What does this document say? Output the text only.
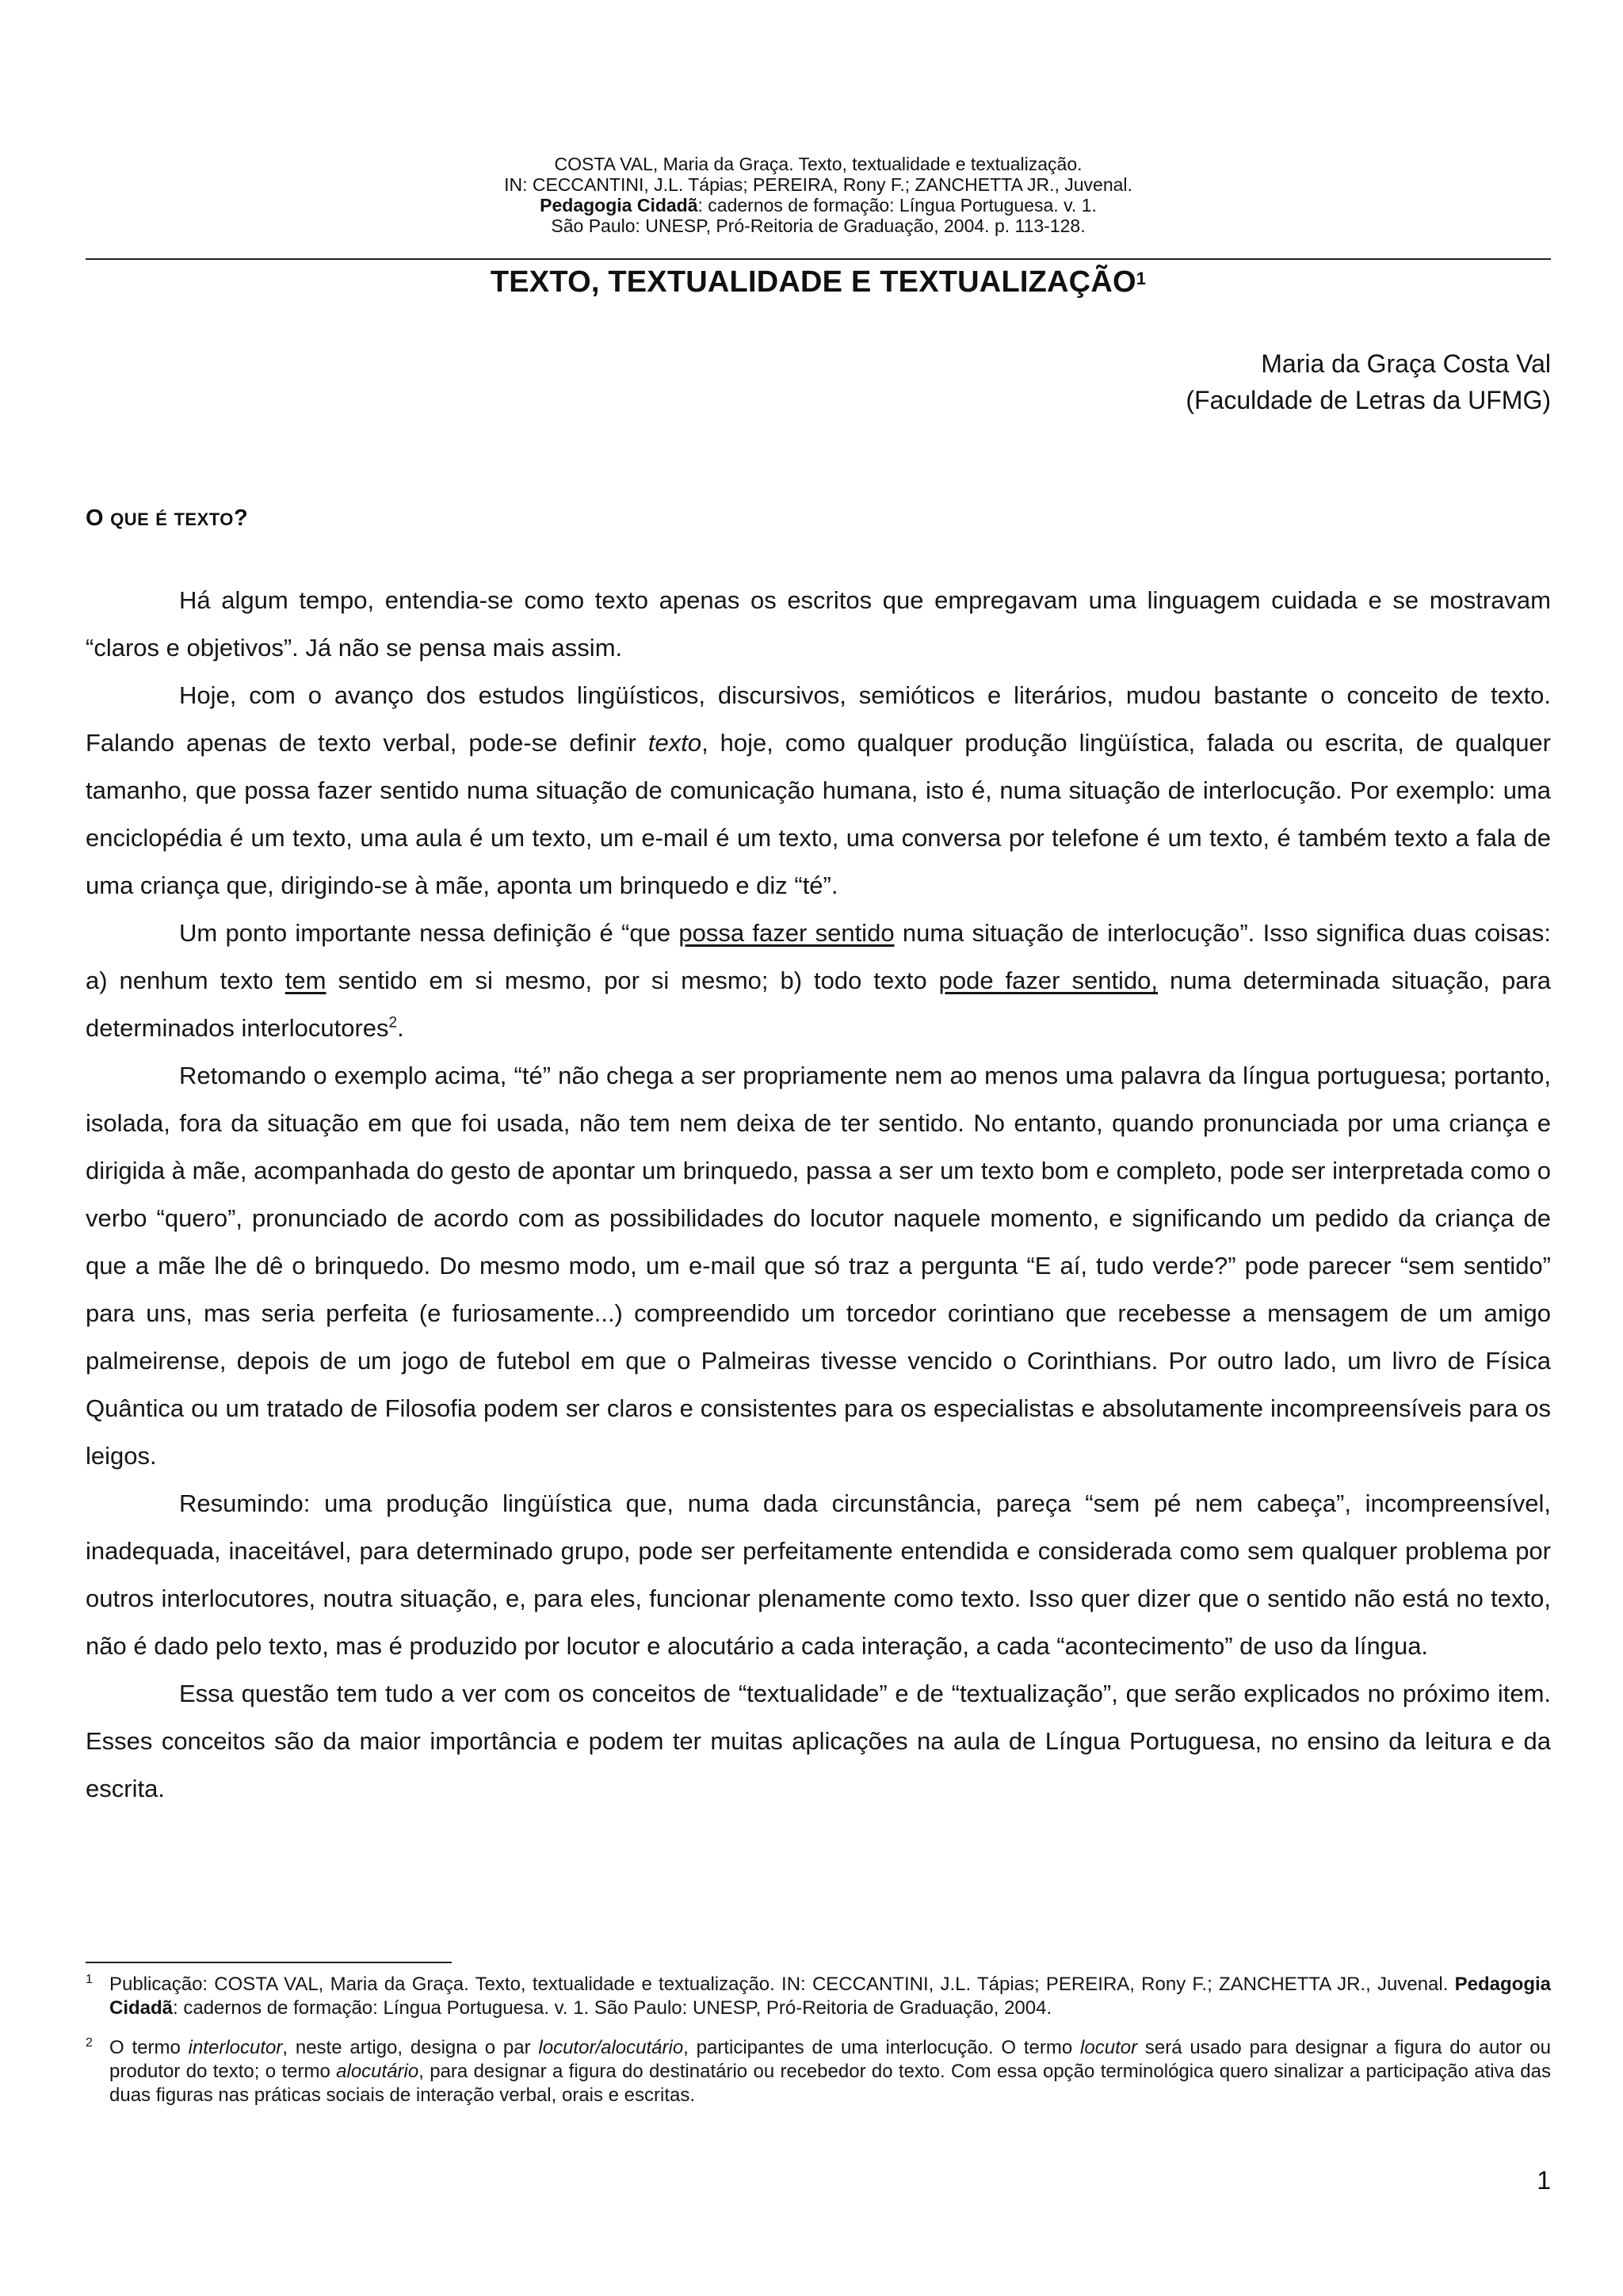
COSTA VAL, Maria da Graça. Texto, textualidade e textualização.
IN: CECCANTINI, J.L. Tápias; PEREIRA, Rony F.; ZANCHETTA JR., Juvenal.
Pedagogia Cidadã: cadernos de formação: Língua Portuguesa. v. 1.
São Paulo: UNESP, Pró-Reitoria de Graduação, 2004. p. 113-128.
TEXTO, TEXTUALIDADE E TEXTUALIZAÇÃO$^1$
Maria da Graça Costa Val
(Faculdade de Letras da UFMG)
O QUE É TEXTO?

Há algum tempo, entendia-se como texto apenas os escritos que empregavam uma linguagem cuidada e se mostravam “claros e objetivos”. Já não se pensa mais assim.

Hoje, com o avanço dos estudos lingüísticos, discursivos, semióticos e literários, mudou bastante o conceito de texto. Falando apenas de texto verbal, pode-se definir texto, hoje, como qualquer produção lingüística, falada ou escrita, de qualquer tamanho, que possa fazer sentido numa situação de comunicação humana, isto é, numa situação de interlocução. Por exemplo: uma enciclopédia é um texto, uma aula é um texto, um e-mail é um texto, uma conversa por telefone é um texto, é também texto a fala de uma criança que, dirigindo-se à mãe, aponta um brinquedo e diz “té”.

Um ponto importante nessa definição é “que possa fazer sentido numa situação de interlocução”. Isso significa duas coisas: a) nenhum texto tem sentido em si mesmo, por si mesmo; b) todo texto pode fazer sentido, numa determinada situação, para determinados interlocutores$^2$.

Retomando o exemplo acima, “té” não chega a ser propriamente nem ao menos uma palavra da língua portuguesa; portanto, isolada, fora da situação em que foi usada, não tem nem deixa de ter sentido. No entanto, quando pronunciada por uma criança e dirigida à mãe, acompanhada do gesto de apontar um brinquedo, passa a ser um texto bom e completo, pode ser interpretada como o verbo “quero”, pronunciado de acordo com as possibilidades do locutor naquele momento, e significando um pedido da criança de que a mãe lhe dê o brinquedo. Do mesmo modo, um e-mail que só traz a pergunta “E aí, tudo verde?” pode parecer “sem sentido” para uns, mas seria perfeita (e furiosamente...) compreendido um torcedor corintiano que recebesse a mensagem de um amigo palmeirense, depois de um jogo de futebol em que o Palmeiras tivesse vencido o Corinthians. Por outro lado, um livro de Física Quântica ou um tratado de Filosofia podem ser claros e consistentes para os especialistas e absolutamente incompreensíveis para os leigos.

Resumindo: uma produção lingüística que, numa dada circunstância, pareça “sem pé nem cabeça”, incompreensível, inadequada, inaceitável, para determinado grupo, pode ser perfeitamente entendida e considerada como sem qualquer problema por outros interlocutores, noutra situação, e, para eles, funcionar plenamente como texto. Isso quer dizer que o sentido não está no texto, não é dado pelo texto, mas é produzido por locutor e alocutário a cada interação, a cada “acontecimento” de uso da língua.

Essa questão tem tudo a ver com os conceitos de “textualidade” e de “textualização”, que serão explicados no próximo item. Esses conceitos são da maior importância e podem ter muitas aplicações na aula de Língua Portuguesa, no ensino da leitura e da escrita.

1 Publicação: COSTA VAL, Maria da Graça. Texto, textualidade e textualização. IN: CECCANTINI, J.L. Tápias; PEREIRA, Rony F.; ZANCHETTA JR., Juvenal. Pedagogia Cidadã: cadernos de formação: Língua Portuguesa. v. 1. São Paulo: UNESP, Pró-Reitoria de Graduação, 2004.
2 O termo interlocutor, neste artigo, designa o par locutor/alocutário, participantes de uma interlocução. O termo locutor será usado para designar a figura do autor ou produtor do texto; o termo alocutário, para designar a figura do destinatário ou recebedor do texto. Com essa opção terminológica quero sinalizar a participação ativa das duas figuras nas práticas sociais de interação verbal, orais e escritas.
1
